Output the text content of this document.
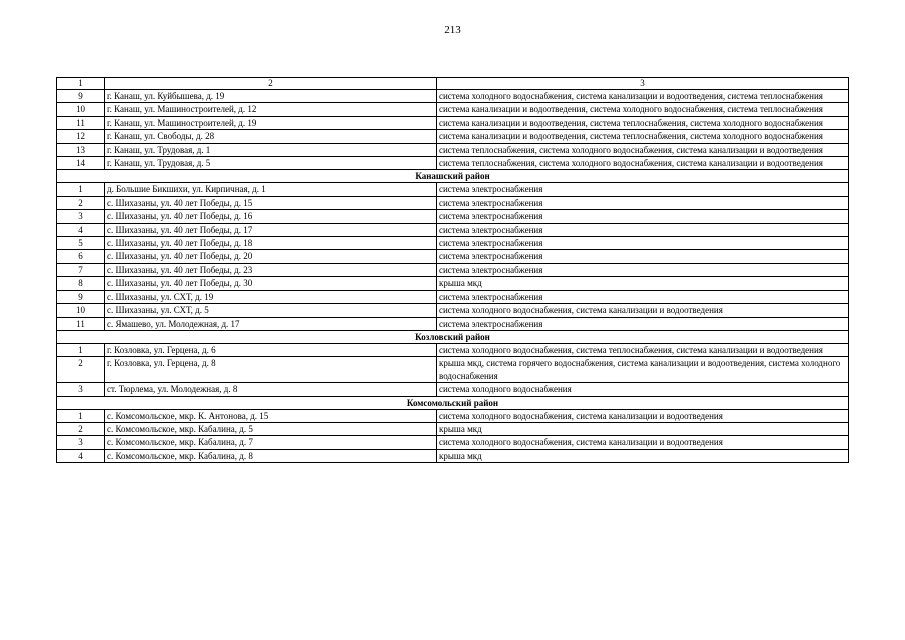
213
1	2	3
9	г. Канаш, ул. Куйбышева, д. 19	система холодного водоснабжения, система канализации и водоотведения, система теплоснабжения
10	г. Канаш, ул. Машиностроителей, д. 12	система канализации и водоотведения, система холодного водоснабжения, система теплоснабжения
11	г. Канаш, ул. Машиностроителей, д. 19	система канализации и водоотведения, система теплоснабжения, система холодного водоснабжения
12	г. Канаш, ул. Свободы, д. 28	система канализации и водоотведения, система теплоснабжения, система холодного водоснабжения
13	г. Канаш, ул. Трудовая, д. 1	система теплоснабжения, система холодного водоснабжения, система канализации и водоотведения
14	г. Канаш, ул. Трудовая, д. 5	система теплоснабжения, система холодного водоснабжения, система канализации и водоотведения
Канашский район		
1	д. Большие Бикшихи, ул. Кирпичная, д. 1	система электроснабжения
2	с. Шихазаны, ул. 40 лет Победы, д. 15	система электроснабжения
3	с. Шихазаны, ул. 40 лет Победы, д. 16	система электроснабжения
4	с. Шихазаны, ул. 40 лет Победы, д. 17	система электроснабжения
5	с. Шихазаны, ул. 40 лет Победы, д. 18	система электроснабжения
6	с. Шихазаны, ул. 40 лет Победы, д. 20	система электроснабжения
7	с. Шихазаны, ул. 40 лет Победы, д. 23	система электроснабжения
8	с. Шихазаны, ул. 40 лет Победы, д. 30	крыша мкд
9	с. Шихазаны, ул. СХТ, д. 19	система электроснабжения
10	с. Шихазаны, ул. СХТ, д. 5	система холодного водоснабжения, система канализации и водоотведения
11	с. Ямашево, ул. Молодежная, д. 17	система электроснабжения
Козловский район		
1	г. Козловка, ул. Герцена, д. 6	система холодного водоснабжения, система теплоснабжения, система канализации и водоотведения
2	г. Козловка, ул. Герцена, д. 8	крыша мкд, система горячего водоснабжения, система канализации и водоотведения, система холодного водоснабжения
3	ст. Тюрлема, ул. Молодежная, д. 8	система холодного водоснабжения
Комсомольский район		
1	с. Комсомольское, мкр. К. Антонова, д. 15	система холодного водоснабжения, система канализации и водоотведения
2	с. Комсомольское, мкр. Кабалина, д. 5	крыша мкд
3	с. Комсомольское, мкр. Кабалина, д. 7	система холодного водоснабжения, система канализации и водоотведения
4	с. Комсомольское, мкр. Кабалина, д. 8	крыша мкд
